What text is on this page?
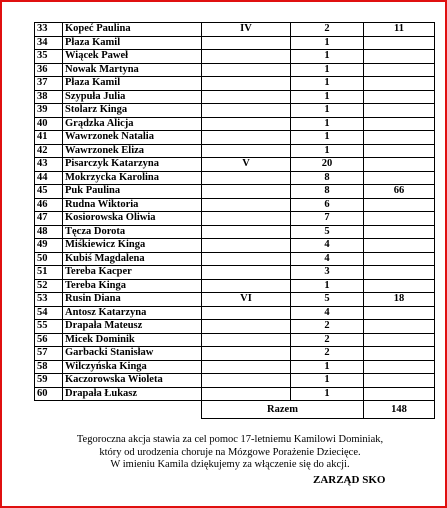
33	Kopeć Paulina	IV	2	11
34	Płaza Kamil		1	
35	Wiącek Paweł		1	
36	Nowak Martyna		1	
37	Płaza Kamil		1	
38	Szypuła Julia		1	
39	Stolarz Kinga		1	
40	Grądzka Alicja		1	
41	Wawrzonek Natalia		1	
42	Wawrzonek Eliza		1	
43	Pisarczyk Katarzyna	V	20	
44	Mokrzycka Karolina		8	
45	Puk Paulina		8	66
46	Rudna Wiktoria		6	
47	Kosiorowska Oliwia		7	
48	Tęcza Dorota		5	
49	Miśkiewicz Kinga		4	
50	Kubiś Magdalena		4	
51	Tereba Kacper		3	
52	Tereba Kinga		1	
53	Rusin Diana	VI	5	18
54	Antosz Katarzyna		4	
55	Drapała Mateusz		2	
56	Micek Dominik		2	
57	Garbacki Stanisław		2	
58	Wilczyńska Kinga		1	
59	Kaczorowska Wioleta		1	
60	Drapała Łukasz		1	
		Razem		148
Tegoroczna akcja stawia za cel pomoc 17-letniemu Kamilowi Dominiak,
który od urodzenia choruje na Mózgowe Porażenie Dziecięce.
W imieniu Kamila dziękujemy za włączenie się do akcji.
ZARZĄD SKO
